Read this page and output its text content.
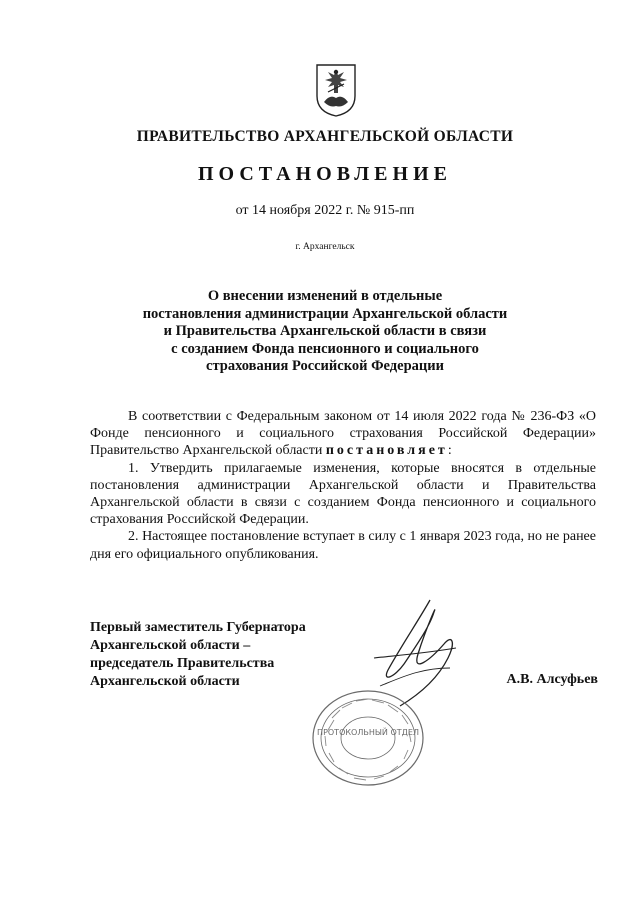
ПРАВИТЕЛЬСТВО АРХАНГЕЛЬСКОЙ ОБЛАСТИ
ПОСТАНОВЛЕНИЕ
от 14 ноября 2022 г. № 915-пп
г. Архангельск
О внесении изменений в отдельные
постановления администрации Архангельской области
и Правительства Архангельской области в связи
с созданием Фонда пенсионного и социального
страхования Российской Федерации

В соответствии с Федеральным законом от 14 июля 2022 года № 236-ФЗ «О Фонде пенсионного и социального страхования Российской Федерации» Правительство Архангельской области постановляет:

1. Утвердить прилагаемые изменения, которые вносятся в отдельные постановления администрации Архангельской области и Правительства Архангельской области в связи с созданием Фонда пенсионного и социального страхования Российской Федерации.

2. Настоящее постановление вступает в силу с 1 января 2023 года, но не ранее дня его официального опубликования.

Первый заместитель Губернатора
Архангельской области –
председатель Правительства
Архангельской области	А.В. Алсуфьев
ПРОТОКОЛЬНЫЙ ОТДЕЛ
